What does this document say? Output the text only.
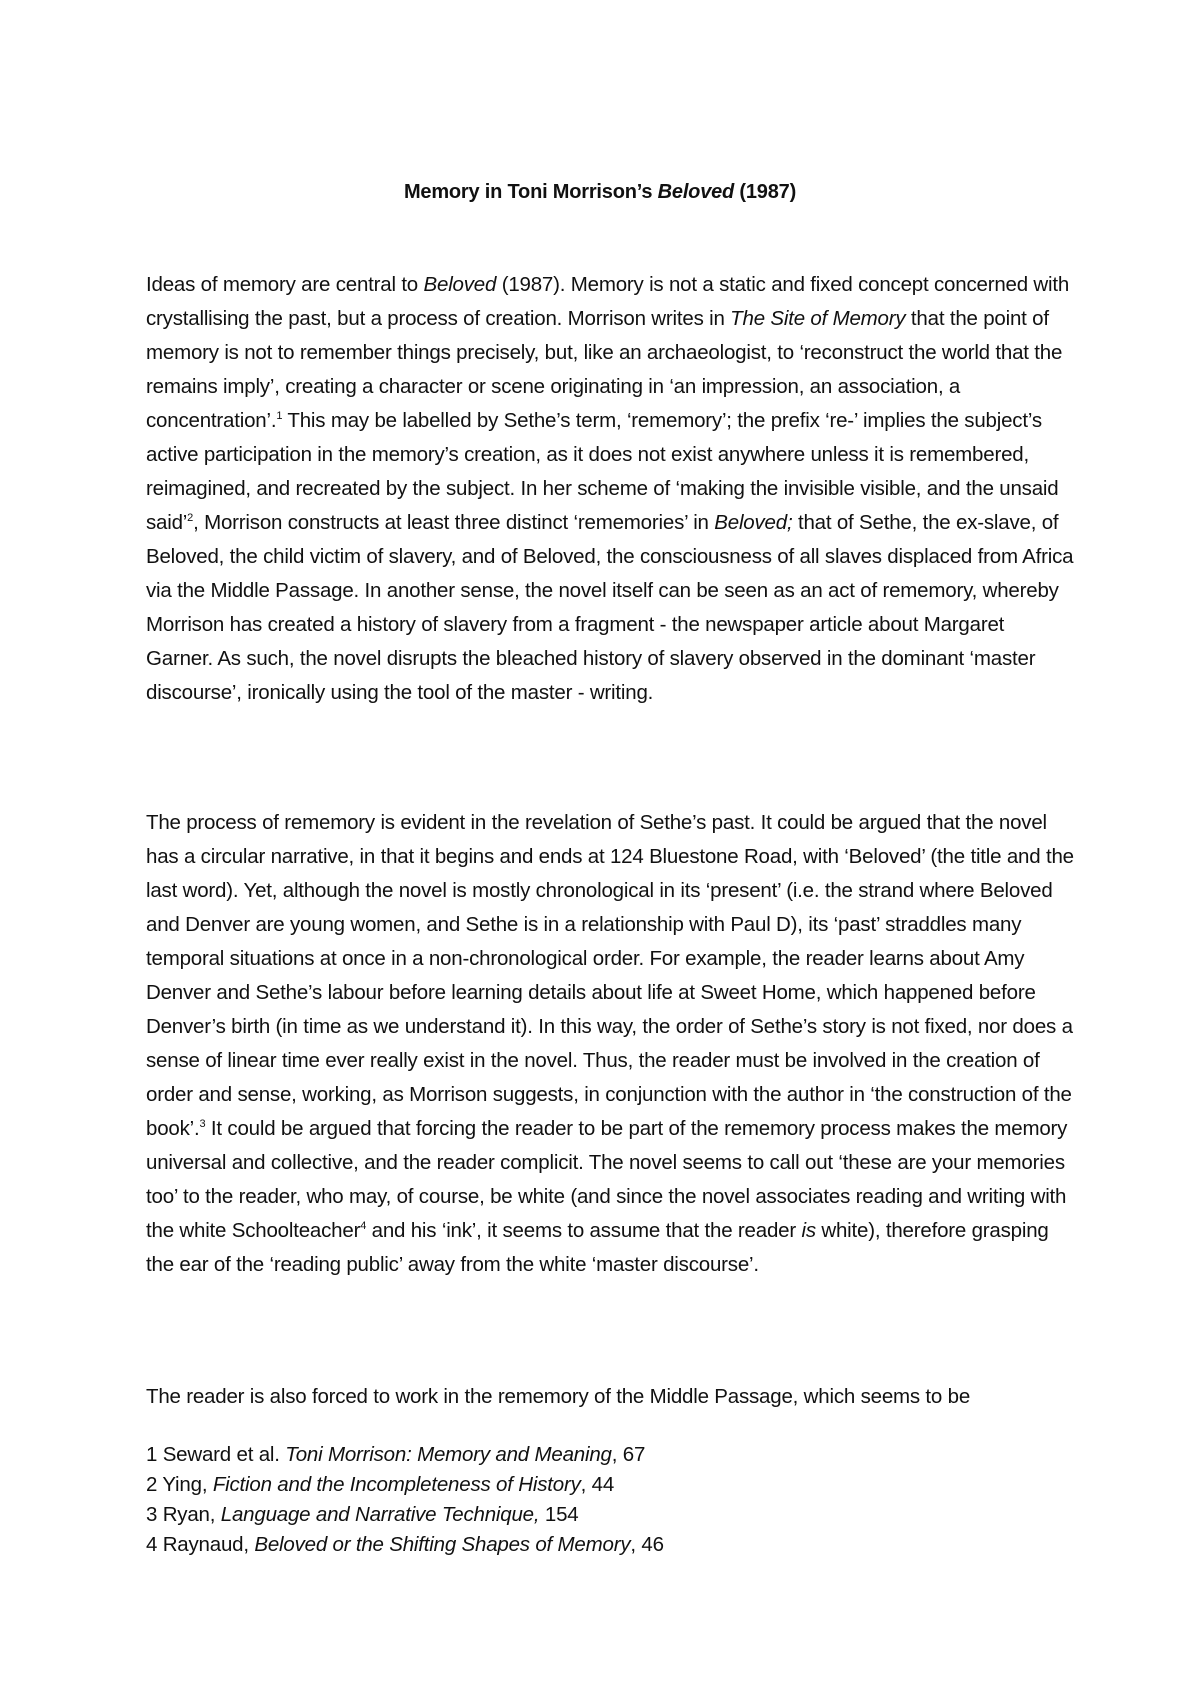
Memory in Toni Morrison’s Beloved (1987)

Ideas of memory are central to Beloved (1987). Memory is not a static and fixed concept concerned with crystallising the past, but a process of creation. Morrison writes in The Site of Memory that the point of memory is not to remember things precisely, but, like an archaeologist, to ‘reconstruct the world that the remains imply’, creating a character or scene originating in ‘an impression, an association, a concentration’.$^1$ This may be labelled by Sethe’s term, ‘rememory’; the prefix ‘re-’ implies the subject’s active participation in the memory’s creation, as it does not exist anywhere unless it is remembered, reimagined, and recreated by the subject. In her scheme of ‘making the invisible visible, and the unsaid said’$^2$, Morrison constructs at least three distinct ‘rememories’ in Beloved; that of Sethe, the ex-slave, of Beloved, the child victim of slavery, and of Beloved, the consciousness of all slaves displaced from Africa via the Middle Passage. In another sense, the novel itself can be seen as an act of rememory, whereby Morrison has created a history of slavery from a fragment - the newspaper article about Margaret Garner. As such, the novel disrupts the bleached history of slavery observed in the dominant ‘master discourse’, ironically using the tool of the master - writing.

The process of rememory is evident in the revelation of Sethe’s past. It could be argued that the novel has a circular narrative, in that it begins and ends at 124 Bluestone Road, with ‘Beloved’ (the title and the last word). Yet, although the novel is mostly chronological in its ‘present’ (i.e. the strand where Beloved and Denver are young women, and Sethe is in a relationship with Paul D), its ‘past’ straddles many temporal situations at once in a non-chronological order. For example, the reader learns about Amy Denver and Sethe’s labour before learning details about life at Sweet Home, which happened before Denver’s birth (in time as we understand it). In this way, the order of Sethe’s story is not fixed, nor does a sense of linear time ever really exist in the novel. Thus, the reader must be involved in the creation of order and sense, working, as Morrison suggests, in conjunction with the author in ‘the construction of the book’.$^3$ It could be argued that forcing the reader to be part of the rememory process makes the memory universal and collective, and the reader complicit. The novel seems to call out ‘these are your memories too’ to the reader, who may, of course, be white (and since the novel associates reading and writing with the white Schoolteacher$^4$ and his ‘ink’, it seems to assume that the reader is white), therefore grasping the ear of the ‘reading public’ away from the white ‘master discourse’.

The reader is also forced to work in the rememory of the Middle Passage, which seems to be

1 Seward et al. Toni Morrison: Memory and Meaning, 67

2 Ying, Fiction and the Incompleteness of History, 44

3 Ryan, Language and Narrative Technique, 154

4 Raynaud, Beloved or the Shifting Shapes of Memory, 46
